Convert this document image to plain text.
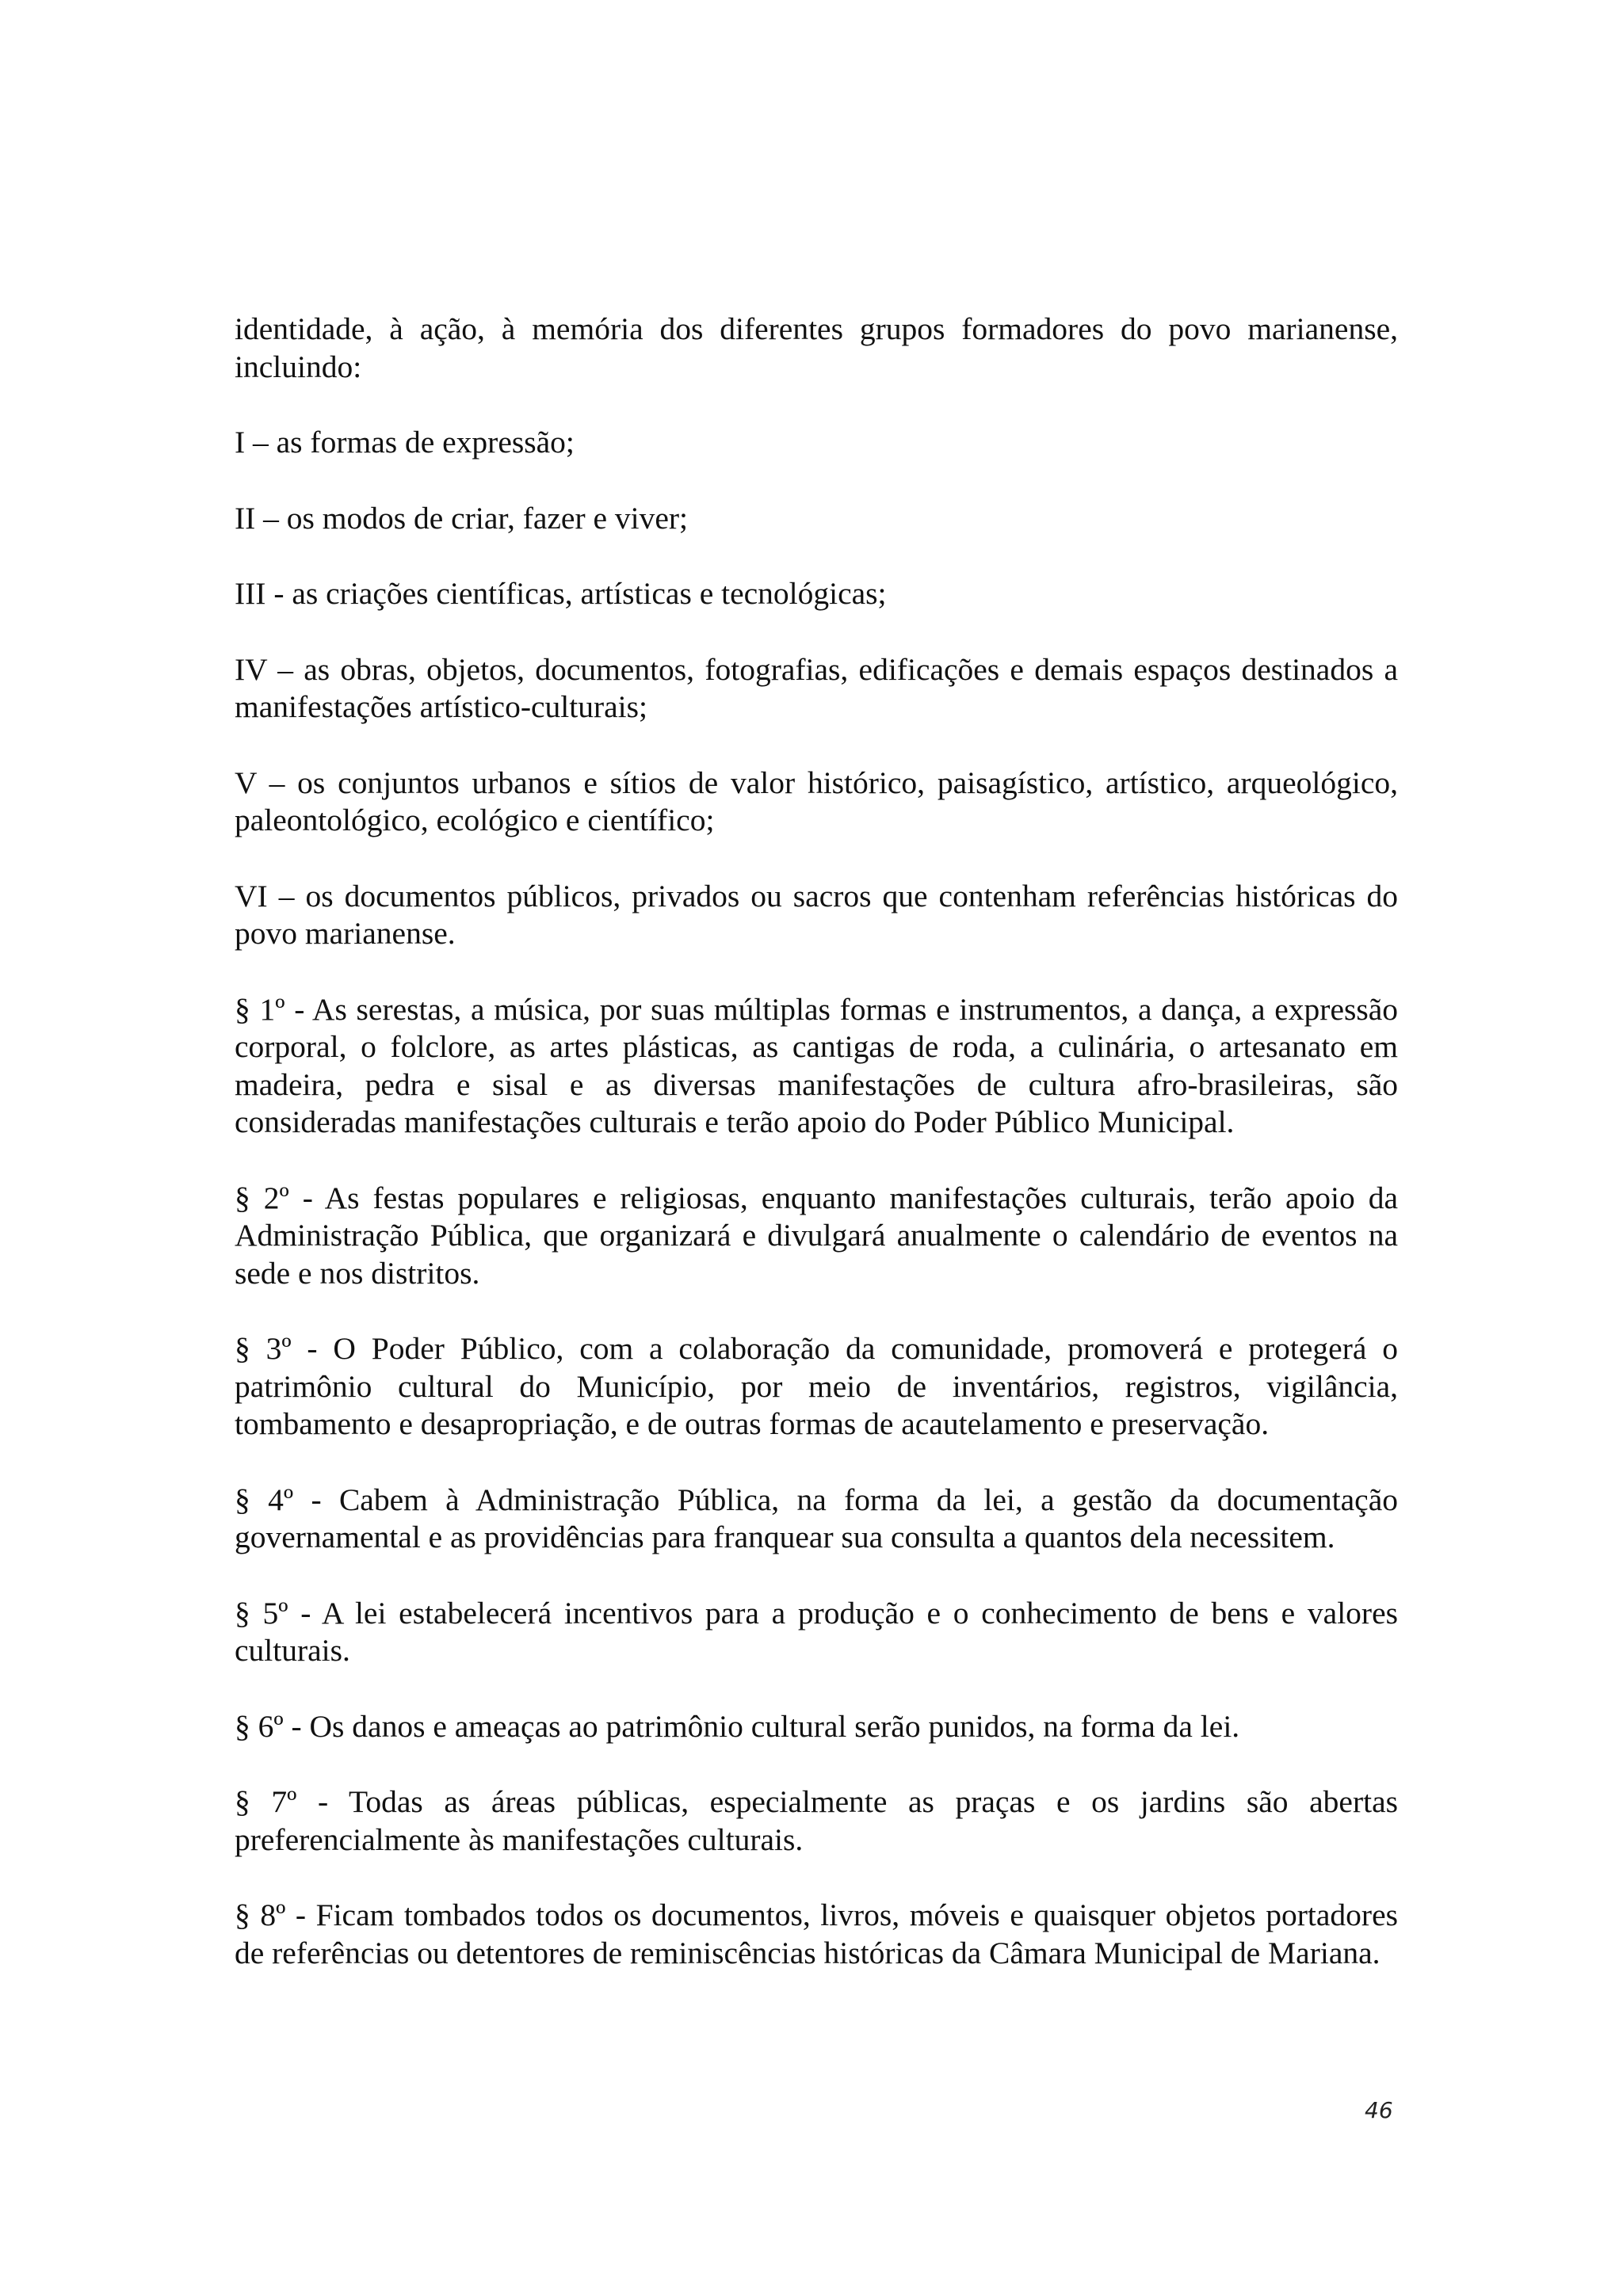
identidade, à ação, à memória dos diferentes grupos formadores do povo marianense, incluindo:

I – as formas de expressão;

II – os modos de criar, fazer e viver;

III - as criações científicas, artísticas e tecnológicas;

IV – as obras, objetos, documentos, fotografias, edificações e demais espaços destinados a manifestações artístico-culturais;

V – os conjuntos urbanos e sítios de valor histórico, paisagístico, artístico, arqueológico, paleontológico, ecológico e científico;

VI – os documentos públicos, privados ou sacros que contenham referências históricas do povo marianense.

§ 1º - As serestas, a música, por suas múltiplas formas e instrumentos, a dança, a expressão corporal, o folclore, as artes plásticas, as cantigas de roda, a culinária, o artesanato em madeira, pedra e sisal e as diversas manifestações de cultura afro-brasileiras, são consideradas manifestações culturais e terão apoio do Poder Público Municipal.

§ 2º - As festas populares e religiosas, enquanto manifestações culturais, terão apoio da Administração Pública, que organizará e divulgará anualmente o calendário de eventos na sede e nos distritos.

§ 3º - O Poder Público, com a colaboração da comunidade, promoverá e protegerá o patrimônio cultural do Município, por meio de inventários, registros, vigilância, tombamento e desapropriação, e de outras formas de acautelamento e preservação.

§ 4º - Cabem à Administração Pública, na forma da lei, a gestão da documentação governamental e as providências para franquear sua consulta a quantos dela necessitem.

§ 5º - A lei estabelecerá incentivos para a produção e o conhecimento de bens e valores culturais.

§ 6º - Os danos e ameaças ao patrimônio cultural serão punidos, na forma da lei.

§ 7º - Todas as áreas públicas, especialmente as praças e os jardins são abertas preferencialmente às manifestações culturais.

§ 8º - Ficam tombados todos os documentos, livros, móveis e quaisquer objetos portadores de referências ou detentores de reminiscências históricas da Câmara Municipal de Mariana.

46
